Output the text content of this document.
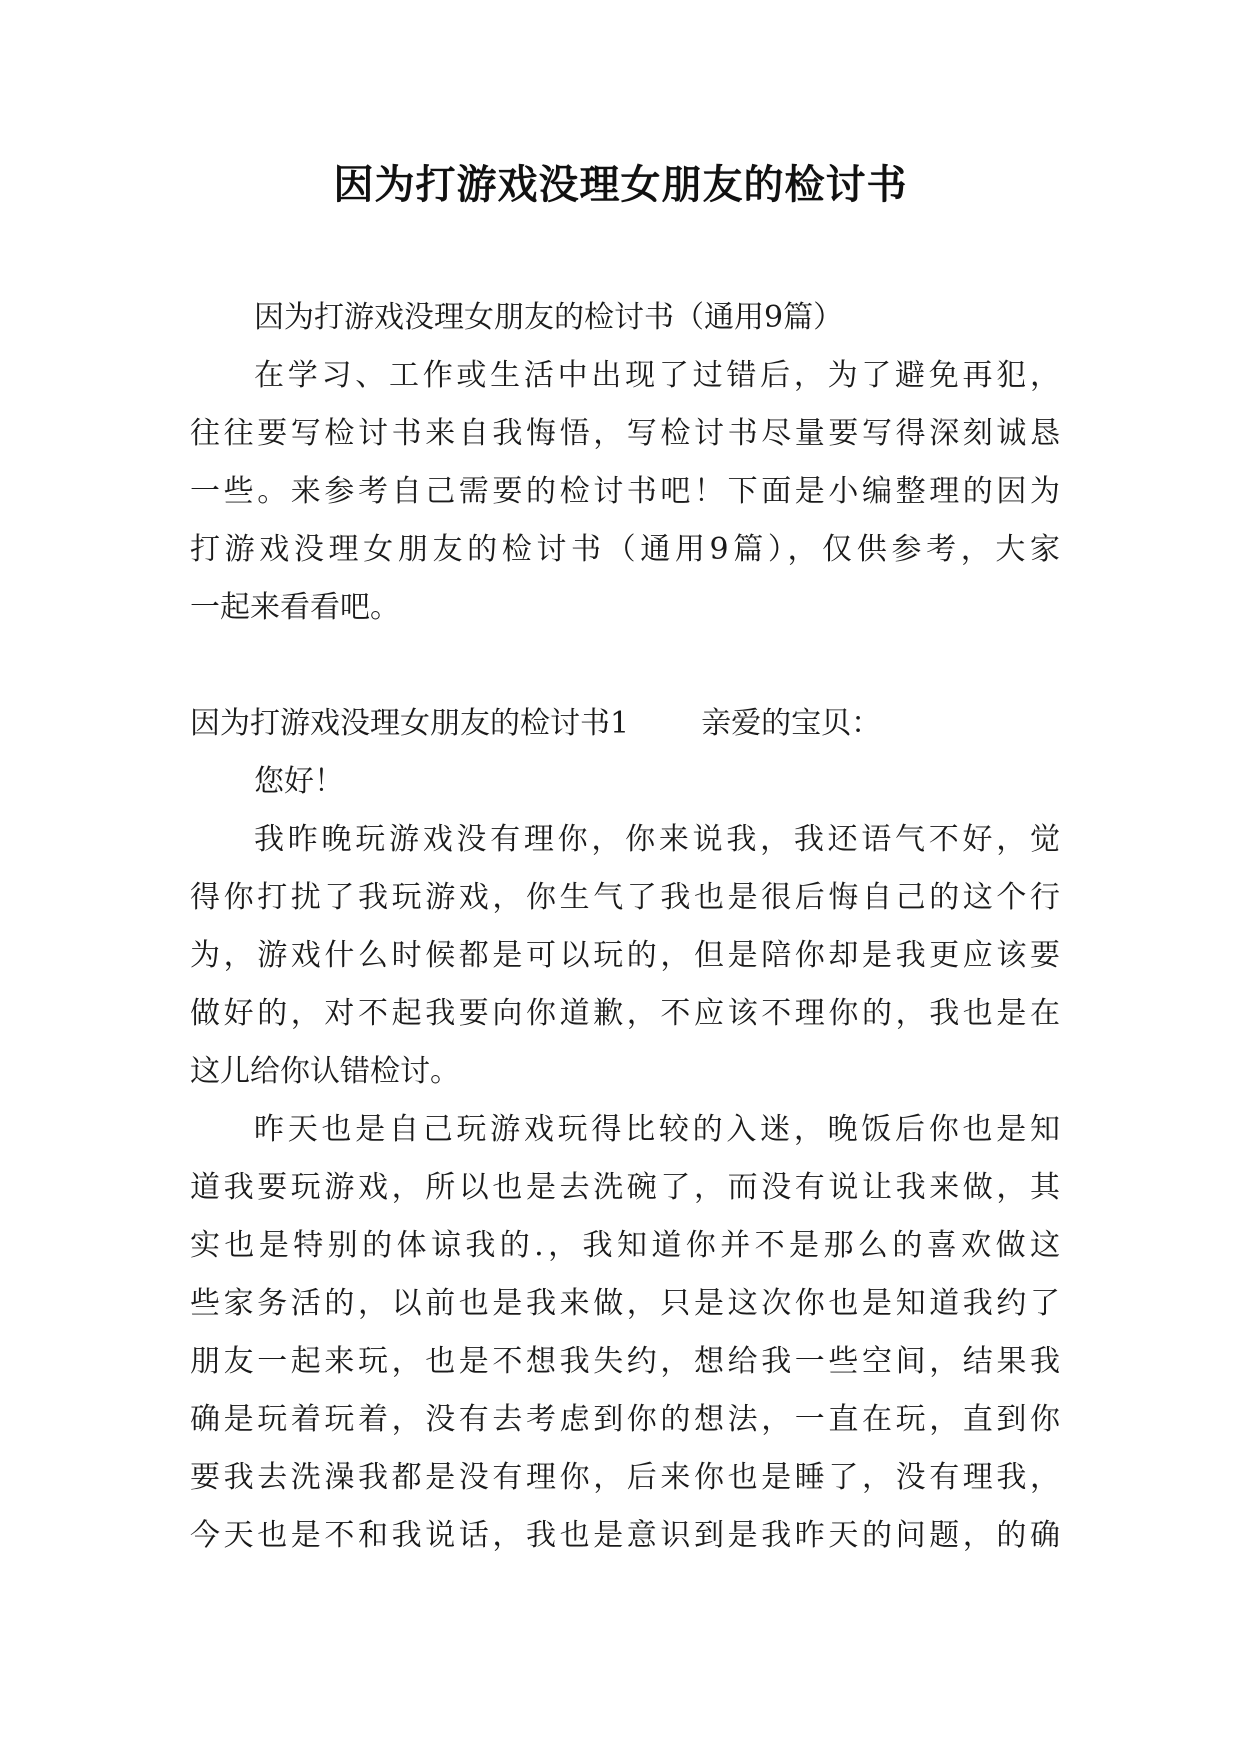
因为打游戏没理女朋友的检讨书
因为打游戏没理女朋友的检讨书（通用9篇）
在学习、工作或生活中出现了过错后，为了避免再犯，
往往要写检讨书来自我悔悟，写检讨书尽量要写得深刻诚恳
一些。来参考自己需要的检讨书吧！下面是小编整理的因为
打游戏没理女朋友的检讨书（通用9篇），仅供参考，大家
一起来看看吧。
因为打游戏没理女朋友的检讨书1 亲爱的宝贝：
您好！
我昨晚玩游戏没有理你，你来说我，我还语气不好，觉
得你打扰了我玩游戏，你生气了我也是很后悔自己的这个行
为，游戏什么时候都是可以玩的，但是陪你却是我更应该要
做好的，对不起我要向你道歉，不应该不理你的，我也是在
这儿给你认错检讨。
昨天也是自己玩游戏玩得比较的入迷，晚饭后你也是知
道我要玩游戏，所以也是去洗碗了，而没有说让我来做，其
实也是特别的体谅我的.，我知道你并不是那么的喜欢做这
些家务活的，以前也是我来做，只是这次你也是知道我约了
朋友一起来玩，也是不想我失约，想给我一些空间，结果我
确是玩着玩着，没有去考虑到你的想法，一直在玩，直到你
要我去洗澡我都是没有理你，后来你也是睡了，没有理我，
今天也是不和我说话，我也是意识到是我昨天的问题，的确
